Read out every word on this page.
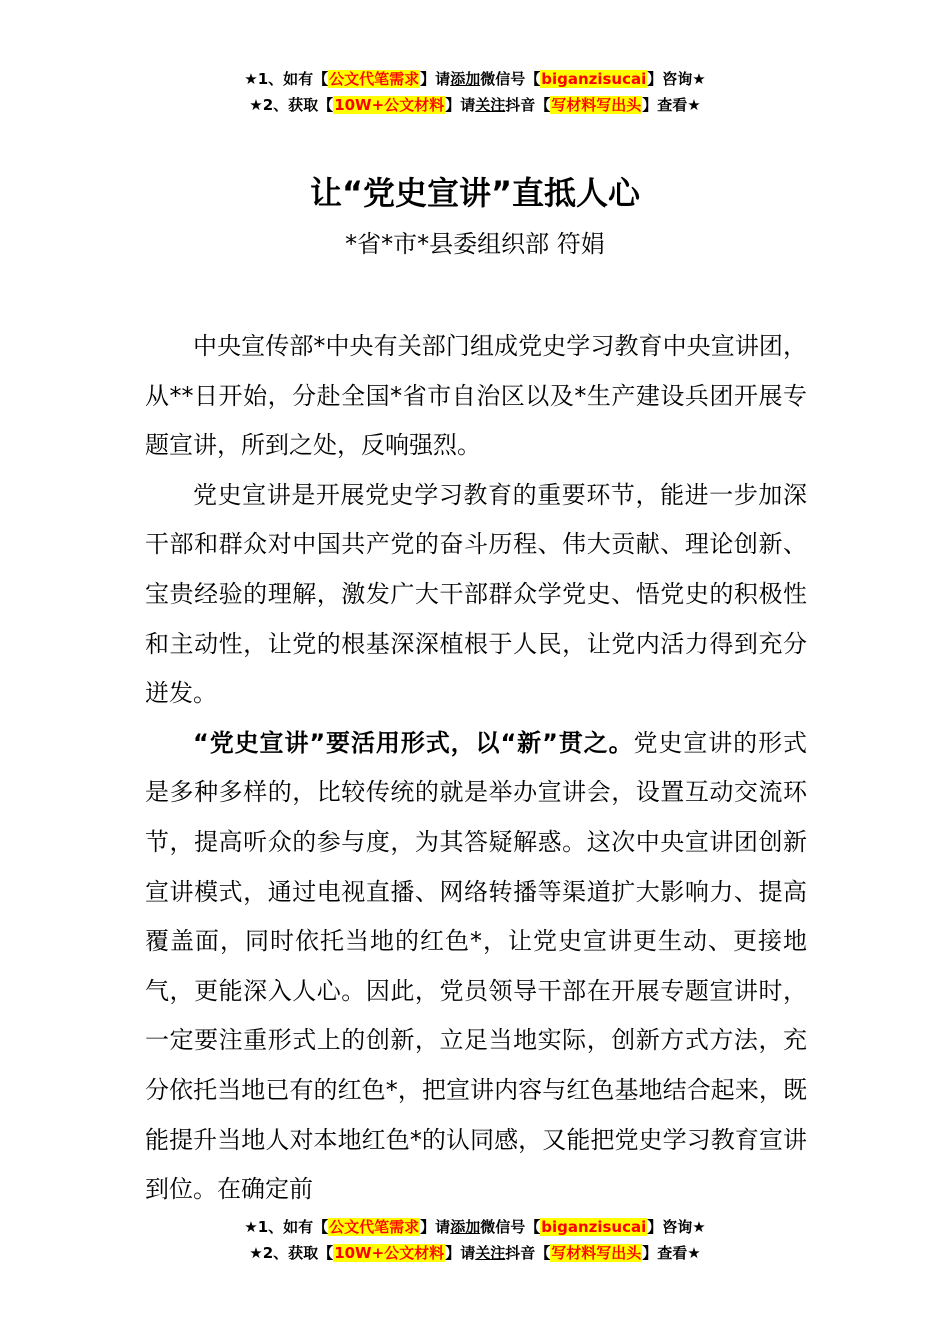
★1、如有【公文代笔需求】请添加微信号【biganzisucai】咨询★
★2、获取【10W+公文材料】请关注抖音【写材料写出头】查看★
让“党史宣讲”直抵人心
*省*市*县委组织部 符娟

中央宣传部*中央有关部门组成党史学习教育中央宣讲团，从**日开始，分赴全国*省市自治区以及*生产建设兵团开展专题宣讲，所到之处，反响强烈。

党史宣讲是开展党史学习教育的重要环节，能进一步加深干部和群众对中国共产党的奋斗历程、伟大贡献、理论创新、宝贵经验的理解，激发广大干部群众学党史、悟党史的积极性和主动性，让党的根基深深植根于人民，让党内活力得到充分迸发。

“党史宣讲”要活用形式，以“新”贯之。党史宣讲的形式是多种多样的，比较传统的就是举办宣讲会，设置互动交流环节，提高听众的参与度，为其答疑解惑。这次中央宣讲团创新宣讲模式，通过电视直播、网络转播等渠道扩大影响力、提高覆盖面，同时依托当地的红色*，让党史宣讲更生动、更接地气，更能深入人心。因此，党员领导干部在开展专题宣讲时，一定要注重形式上的创新，立足当地实际，创新方式方法，充分依托当地已有的红色*，把宣讲内容与红色基地结合起来，既能提升当地人对本地红色*的认同感，又能把党史学习教育宣讲到位。在确定前

★1、如有【公文代笔需求】请添加微信号【biganzisucai】咨询★
★2、获取【10W+公文材料】请关注抖音【写材料写出头】查看★
